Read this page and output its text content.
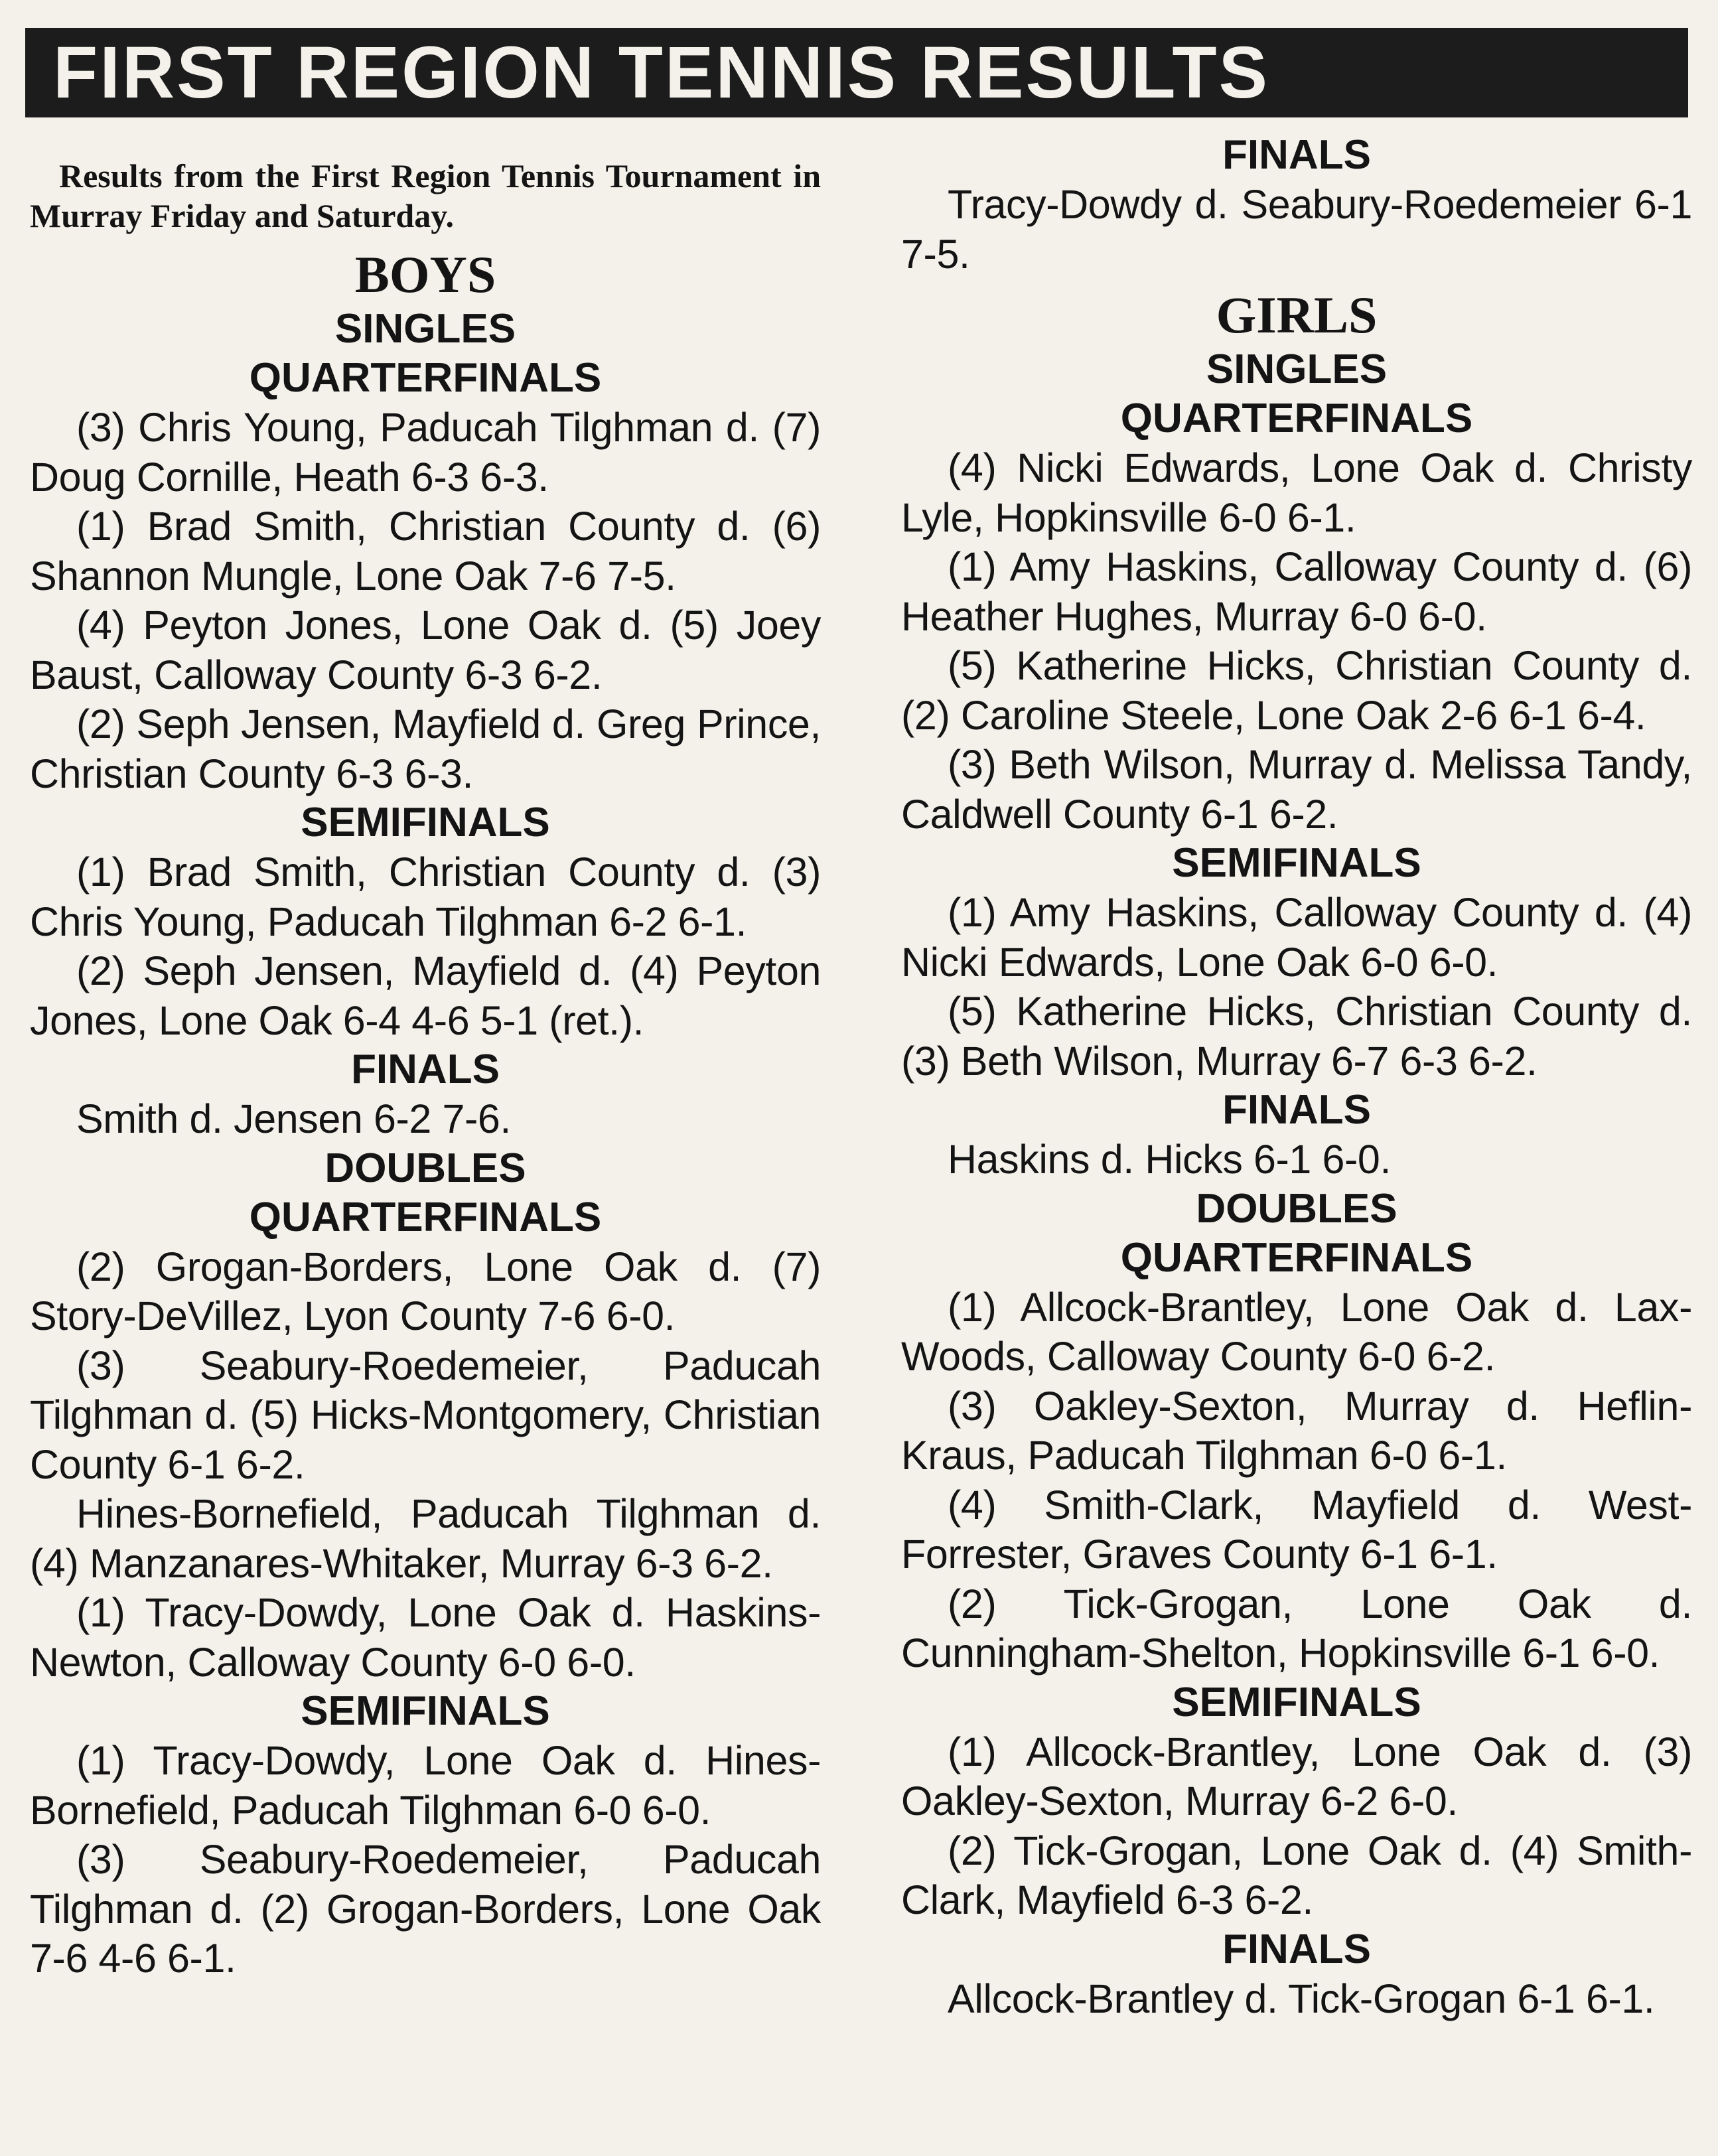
FIRST REGION TENNIS RESULTS

Results from the First Region Tennis Tournament in Murray Friday and Saturday.

BOYS
SINGLES
QUARTERFINALS

(3) Chris Young, Paducah Tilghman d. (7) Doug Cornille, Heath 6-3 6-3.

(1) Brad Smith, Christian County d. (6) Shannon Mungle, Lone Oak 7-6 7-5.

(4) Peyton Jones, Lone Oak d. (5) Joey Baust, Calloway County 6-3 6-2.

(2) Seph Jensen, Mayfield d. Greg Prince, Christian County 6-3 6-3.

SEMIFINALS

(1) Brad Smith, Christian County d. (3) Chris Young, Paducah Tilghman 6-2 6-1.

(2) Seph Jensen, Mayfield d. (4) Peyton Jones, Lone Oak 6-4 4-6 5-1 (ret.).

FINALS

Smith d. Jensen 6-2 7-6.

DOUBLES
QUARTERFINALS

(2) Grogan-Borders, Lone Oak d. (7) Story-DeVillez, Lyon County 7-6 6-0.

(3) Seabury-Roedemeier, Paducah Tilghman d. (5) Hicks-Montgomery, Christian County 6-1 6-2.

Hines-Bornefield, Paducah Tilghman d. (4) Manzanares-Whitaker, Murray 6-3 6-2.

(1) Tracy-Dowdy, Lone Oak d. Haskins-Newton, Calloway County 6-0 6-0.

SEMIFINALS

(1) Tracy-Dowdy, Lone Oak d. Hines-Bornefield, Paducah Tilghman 6-0 6-0.

(3) Seabury-Roedemeier, Paducah Tilghman d. (2) Grogan-Borders, Lone Oak 7-6 4-6 6-1.

FINALS

Tracy-Dowdy d. Seabury-Roedemeier 6-1 7-5.

GIRLS
SINGLES
QUARTERFINALS

(4) Nicki Edwards, Lone Oak d. Christy Lyle, Hopkinsville 6-0 6-1.

(1) Amy Haskins, Calloway County d. (6) Heather Hughes, Murray 6-0 6-0.

(5) Katherine Hicks, Christian County d. (2) Caroline Steele, Lone Oak 2-6 6-1 6-4.

(3) Beth Wilson, Murray d. Melissa Tandy, Caldwell County 6-1 6-2.

SEMIFINALS

(1) Amy Haskins, Calloway County d. (4) Nicki Edwards, Lone Oak 6-0 6-0.

(5) Katherine Hicks, Christian County d. (3) Beth Wilson, Murray 6-7 6-3 6-2.

FINALS

Haskins d. Hicks 6-1 6-0.

DOUBLES
QUARTERFINALS

(1) Allcock-Brantley, Lone Oak d. Lax-Woods, Calloway County 6-0 6-2.

(3) Oakley-Sexton, Murray d. Heflin-Kraus, Paducah Tilghman 6-0 6-1.

(4) Smith-Clark, Mayfield d. West-Forrester, Graves County 6-1 6-1.

(2) Tick-Grogan, Lone Oak d. Cunningham-Shelton, Hopkinsville 6-1 6-0.

SEMIFINALS

(1) Allcock-Brantley, Lone Oak d. (3) Oakley-Sexton, Murray 6-2 6-0.

(2) Tick-Grogan, Lone Oak d. (4) Smith-Clark, Mayfield 6-3 6-2.

FINALS

Allcock-Brantley d. Tick-Grogan 6-1 6-1.
